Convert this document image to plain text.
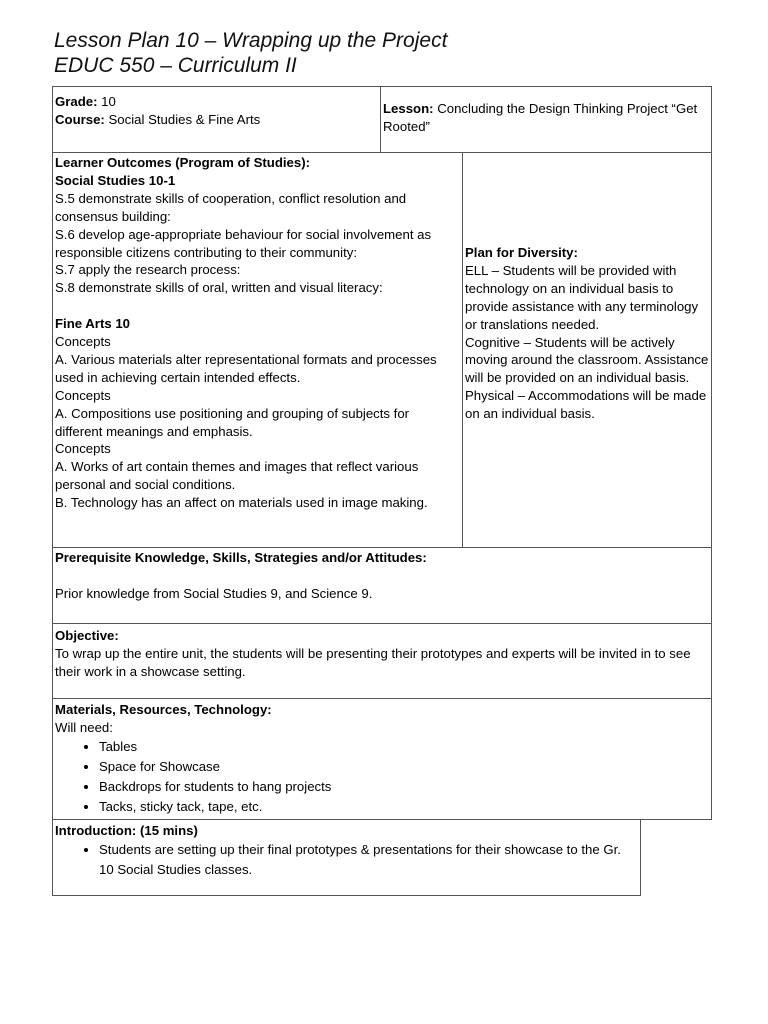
Lesson Plan 10 – Wrapping up the Project
EDUC 550 – Curriculum II
Grade: 10
Course: Social Studies & Fine Arts
Lesson: Concluding the Design Thinking Project “Get Rooted”
Learner Outcomes (Program of Studies):
Social Studies 10-1
S.5 demonstrate skills of cooperation, conflict resolution and consensus building:
S.6 develop age-appropriate behaviour for social involvement as responsible citizens contributing to their community:
S.7 apply the research process:
S.8 demonstrate skills of oral, written and visual literacy:
Fine Arts 10
Concepts
A. Various materials alter representational formats and processes used in achieving certain intended effects.
Concepts
A. Compositions use positioning and grouping of subjects for different meanings and emphasis.
Concepts
A. Works of art contain themes and images that reflect various personal and social conditions.
B. Technology has an affect on materials used in image making.
Plan for Diversity:
ELL – Students will be provided with technology on an individual basis to provide assistance with any terminology or translations needed.
Cognitive – Students will be actively moving around the classroom. Assistance will be provided on an individual basis.
Physical – Accommodations will be made on an individual basis.
Prerequisite Knowledge, Skills, Strategies and/or Attitudes:
Prior knowledge from Social Studies 9, and Science 9.
Objective:
To wrap up the entire unit, the students will be presenting their prototypes and experts will be invited in to see their work in a showcase setting.
Materials, Resources, Technology:
Will need:
• Tables
• Space for Showcase
• Backdrops for students to hang projects
• Tacks, sticky tack, tape, etc.
Introduction: (15 mins)
• Students are setting up their final prototypes & presentations for their showcase to the Gr. 10 Social Studies classes.
